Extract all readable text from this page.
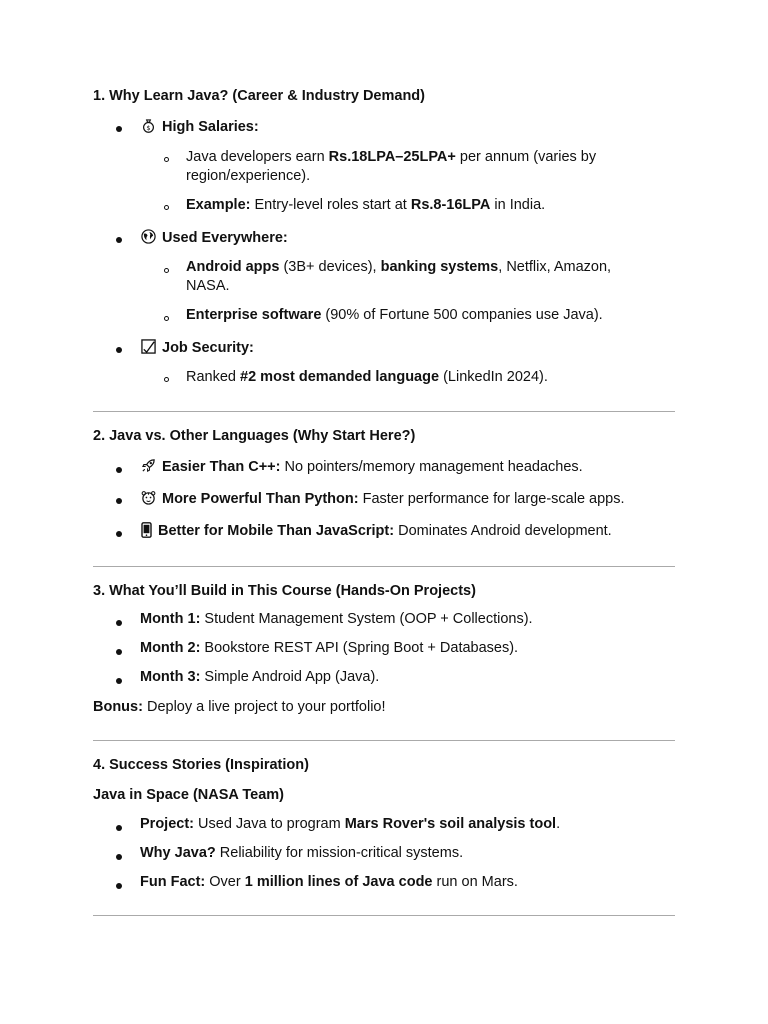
1. Why Learn Java? (Career & Industry Demand)
$ High Salaries:
Java developers earn Rs.18LPA–25LPA+ per annum (varies by
region/experience).
Example: Entry-level roles start at Rs.8-16LPA in India.
Used Everywhere:
Android apps (3B+ devices), banking systems, Netflix, Amazon,
NASA.
Enterprise software (90% of Fortune 500 companies use Java).
Job Security:
Ranked #2 most demanded language (LinkedIn 2024).
2. Java vs. Other Languages (Why Start Here?)
Easier Than C++: No pointers/memory management headaches.
More Powerful Than Python: Faster performance for large-scale apps.
Better for Mobile Than JavaScript: Dominates Android development.
3. What You’ll Build in This Course (Hands-On Projects)
Month 1: Student Management System (OOP + Collections).
Month 2: Bookstore REST API (Spring Boot + Databases).
Month 3: Simple Android App (Java).
Bonus: Deploy a live project to your portfolio!
4. Success Stories (Inspiration)
Java in Space (NASA Team)
Project: Used Java to program Mars Rover's soil analysis tool.
Why Java? Reliability for mission-critical systems.
Fun Fact: Over 1 million lines of Java code run on Mars.
